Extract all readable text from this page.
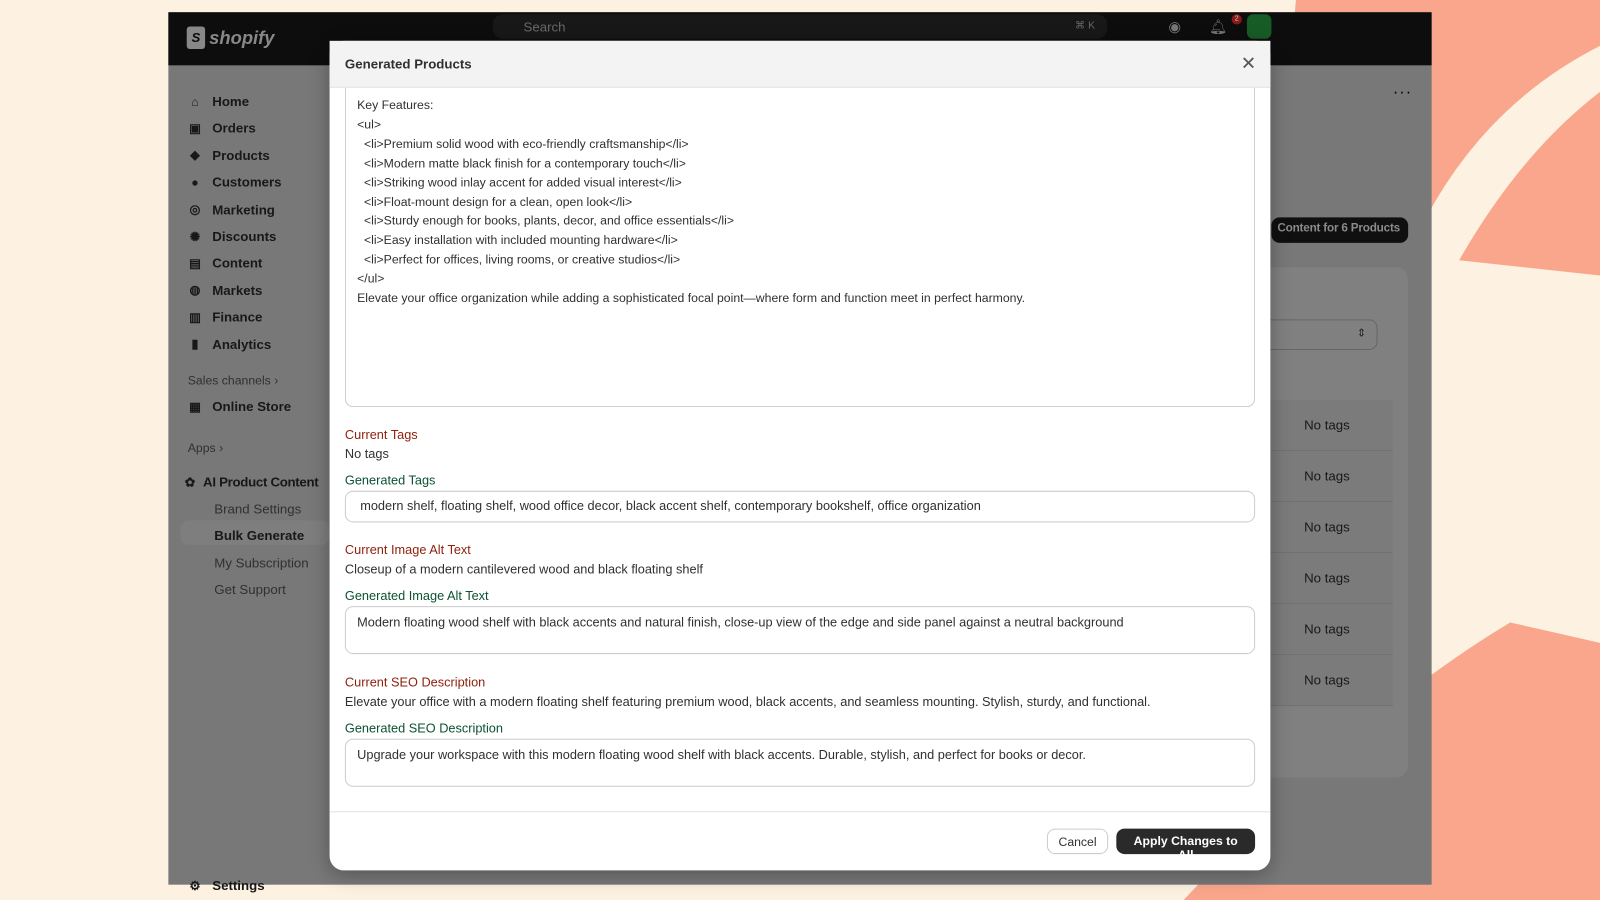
S shopify	Search	⌘ K	◉	🔔︎	2
⌂ Home
▣ Orders
◆ Products
● Customers
◎ Marketing
✺ Discounts
▤ Content
◍ Markets
▥ Finance
▮ Analytics
Sales channels ›
▦ Online Store
Apps ›
✿ AI Product Content
Brand Settings
Bulk Generate
My Subscription
Get Support
⚙ Settings
···
Content for 6 Products
⇕
No tags
No tags
No tags
No tags
No tags
No tags
Generated Products	✕
Key Features:
<ul>
<li>Premium solid wood with eco-friendly craftsmanship</li>
<li>Modern matte black finish for a contemporary touch</li>
<li>Striking wood inlay accent for added visual interest</li>
<li>Float-mount design for a clean, open look</li>
<li>Sturdy enough for books, plants, decor, and office essentials</li>
<li>Easy installation with included mounting hardware</li>
<li>Perfect for offices, living rooms, or creative studios</li>
</ul>
Elevate your office organization while adding a sophisticated focal point—where form and function meet in perfect harmony.
Current Tags
No tags
Generated Tags
modern shelf, floating shelf, wood office decor, black accent shelf, contemporary bookshelf, office organization
Current Image Alt Text
Closeup of a modern cantilevered wood and black floating shelf
Generated Image Alt Text
Modern floating wood shelf with black accents and natural finish, close-up view of the edge and side panel against a neutral background
Current SEO Description
Elevate your office with a modern floating shelf featuring premium wood, black accents, and seamless mounting. Stylish, sturdy, and functional.
Generated SEO Description
Upgrade your workspace with this modern floating wood shelf with black accents. Durable, stylish, and perfect for books or decor.
Cancel	Apply Changes to All
